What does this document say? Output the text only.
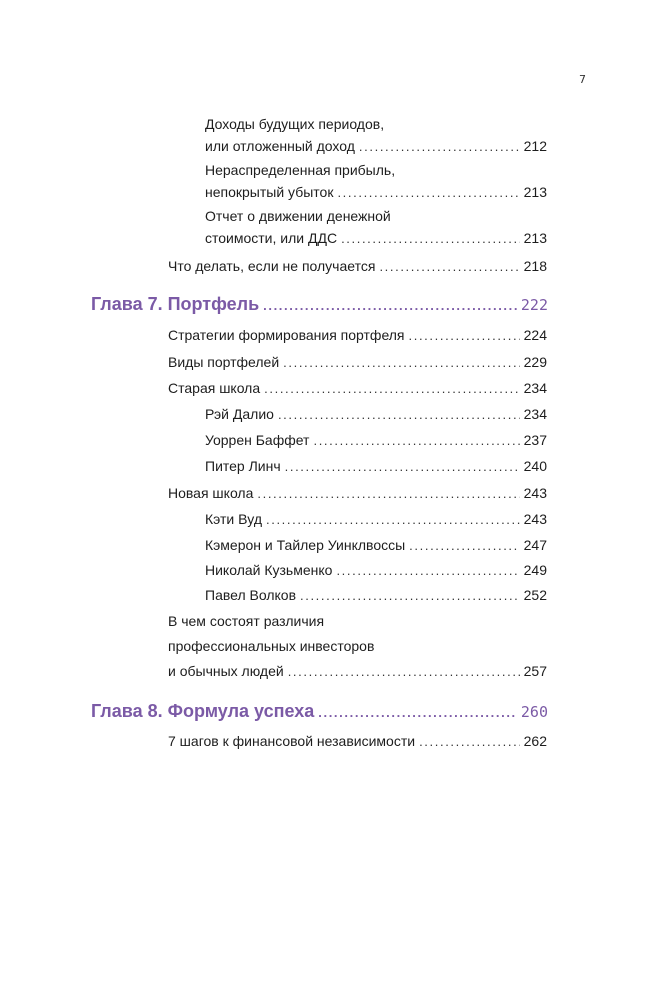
7
Доходы будущих периодов,
или отложенный доход . . .	212
Нераспределенная прибыль,
непокрытый убыток . . .	213
Отчет о движении денежной
стоимости, или ДДС . . .	213
Что делать, если не получается . . .	218
Глава 7. Портфель . . .	222
Стратегии формирования портфеля . . .	224
Виды портфелей . . .	229
Старая школа . . .	234
Рэй Далио . . .	234
Уоррен Баффет . . .	237
Питер Линч . . .	240
Новая школа . . .	243
Кэти Вуд . . .	243
Кэмерон и Тайлер Уинклвоссы . . .	247
Николай Кузьменко . . .	249
Павел Волков . . .	252
В чем состоят различия
профессиональных инвесторов
и обычных людей . . .	257
Глава 8. Формула успеха . . .	260
7 шагов к финансовой независимости . . .	262
